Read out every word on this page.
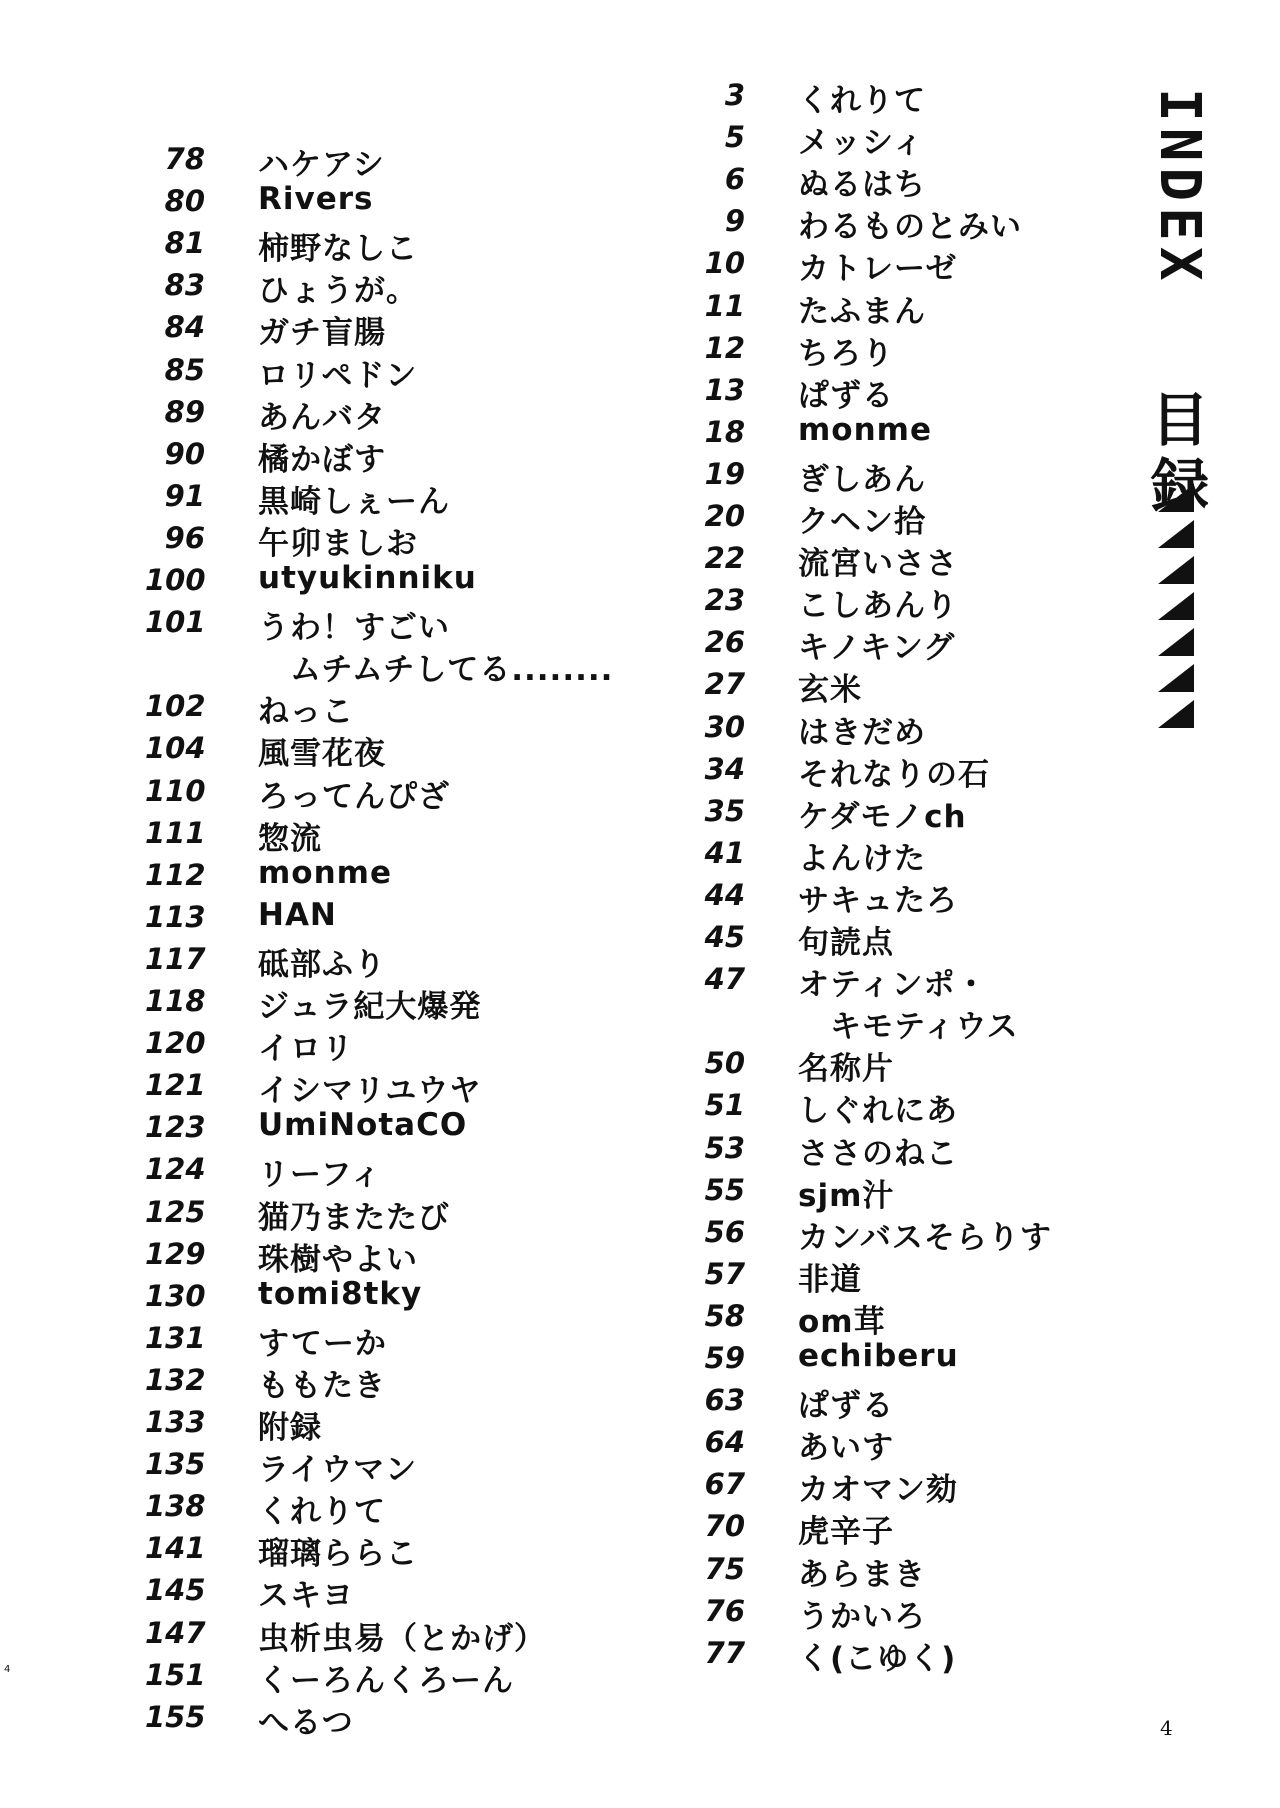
78 ハケアシ
80 Rivers
81 柿野なしこ
83 ひょうが。
84 ガチ盲腸
85 ロリペドン
89 あんバタ
90 橘かぼす
91 黒崎しぇーん
96 午卯ましお
100 utyukinniku
101 うわ！すごい
ムチムチしてる........
102 ねっこ
104 風雪花夜
110 ろってんぴざ
111 惣流
112 monme
113 HAN
117 砥部ふり
118 ジュラ紀大爆発
120 イロリ
121 イシマリユウヤ
123 UmiNotaCO
124 リーフィ
125 猫乃またたび
129 珠樹やよい
130 tomi8tky
131 すてーか
132 ももたき
133 附録
135 ライウマン
138 くれりて
141 瑠璃ららこ
145 スキヨ
147 虫析虫易（とかげ）
151 くーろんくろーん
155 へるつ
3 くれりて
5 メッシィ
6 ぬるはち
9 わるものとみい
10 カトレーゼ
11 たふまん
12 ちろり
13 ぱずる
18 monme
19 ぎしあん
20 クヘン拾
22 流宮いささ
23 こしあんり
26 キノキング
27 玄米
30 はきだめ
34 それなりの石
35 ケダモノch
41 よんけた
44 サキュたろ
45 句読点
47 オティンポ・
キモティウス
50 名称片
51 しぐれにあ
53 ささのねこ
55 sjm汁
56 カンバスそらりす
57 非道
58 om茸
59 echiberu
63 ぱずる
64 あいす
67 カオマン劾
70 虎辛子
75 あらまき
76 うかいろ
77 く(こゆく)
INDEX
目
録
4
4
